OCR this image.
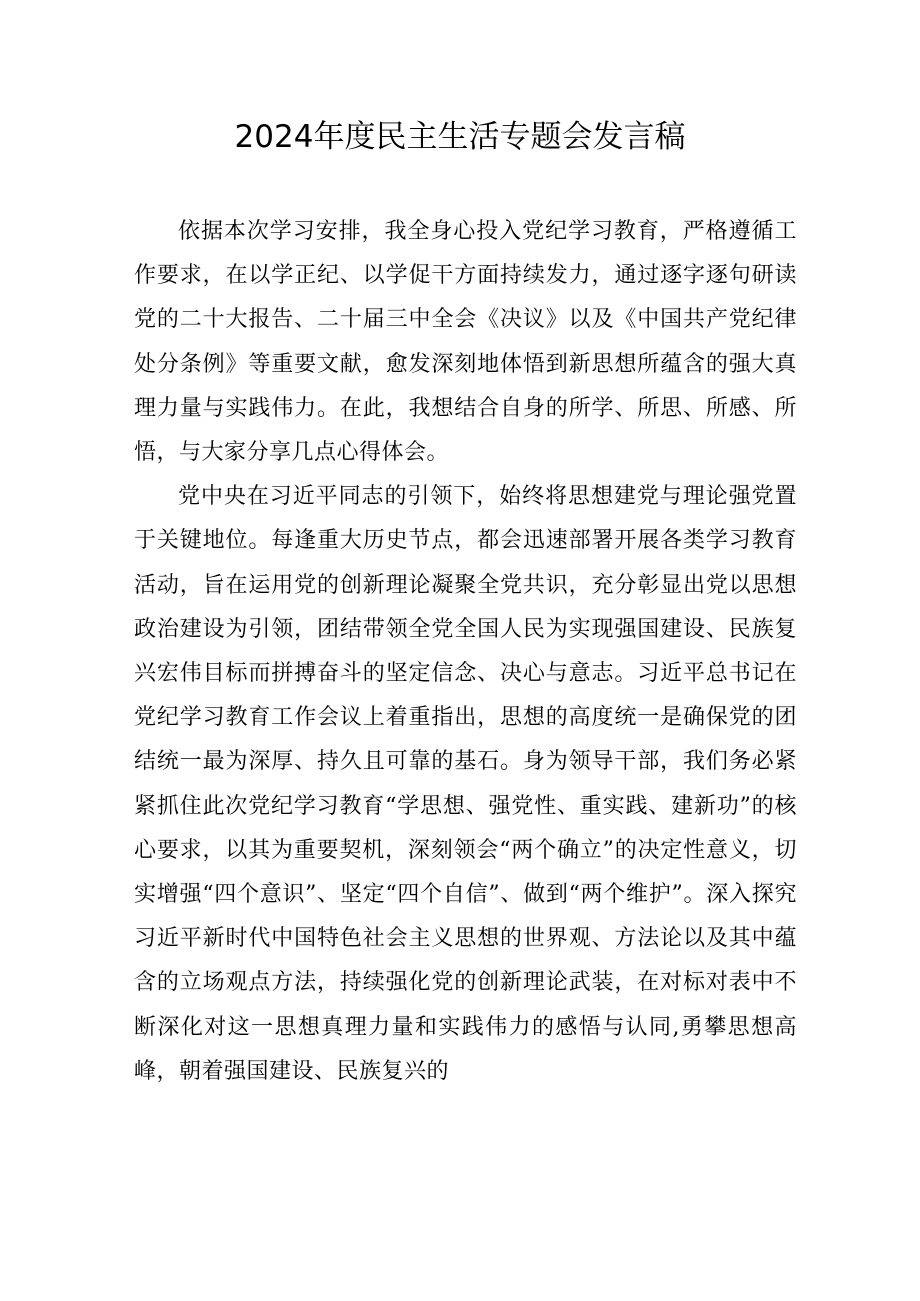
2024年度民主生活专题会发言稿

依据本次学习安排，我全身心投入党纪学习教育，严格遵循工作要求，在以学正纪、以学促干方面持续发力，通过逐字逐句研读党的二十大报告、二十届三中全会《决议》以及《中国共产党纪律处分条例》等重要文献，愈发深刻地体悟到新思想所蕴含的强大真理力量与实践伟力。在此，我想结合自身的所学、所思、所感、所悟，与大家分享几点心得体会。

党中央在习近平同志的引领下，始终将思想建党与理论强党置于关键地位。每逢重大历史节点，都会迅速部署开展各类学习教育活动，旨在运用党的创新理论凝聚全党共识，充分彰显出党以思想政治建设为引领，团结带领全党全国人民为实现强国建设、民族复兴宏伟目标而拼搏奋斗的坚定信念、决心与意志。习近平总书记在党纪学习教育工作会议上着重指出，思想的高度统一是确保党的团结统一最为深厚、持久且可靠的基石。身为领导干部，我们务必紧紧抓住此次党纪学习教育“学思想、强党性、重实践、建新功”的核心要求，以其为重要契机，深刻领会“两个确立”的决定性意义，切实增强“四个意识”、坚定“四个自信”、做到“两个维护”。深入探究习近平新时代中国特色社会主义思想的世界观、方法论以及其中蕴含的立场观点方法，持续强化党的创新理论武装，在对标对表中不断深化对这一思想真理力量和实践伟力的感悟与认同,勇攀思想高峰，朝着强国建设、民族复兴的
